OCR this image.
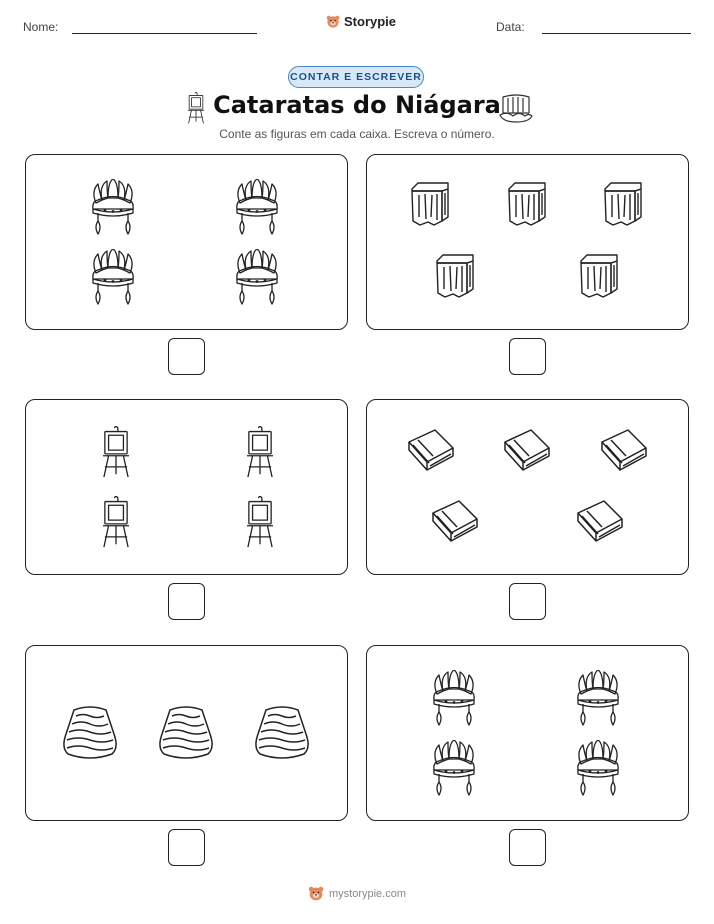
Nome:	Storypie	Data:
CONTAR E ESCREVER
Cataratas do Niágara
Conte as figuras em cada caixa. Escreva o número.
mystorypie.com
